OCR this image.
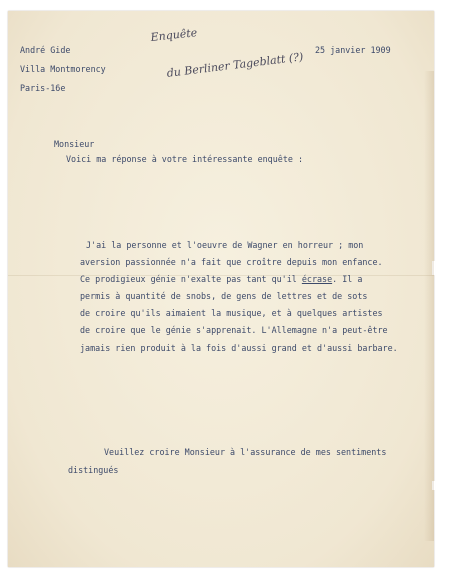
André Gide
Villa Montmorency
Paris-16e
25 janvier 1909
Enquête
du Berliner Tageblatt (?)
Monsieur
Voici ma réponse à votre intéressante enquête :
J'ai la personne et l'oeuvre de Wagner en horreur ; mon
aversion passionnée n'a fait que croître depuis mon enfance.
Ce prodigieux génie n'exalte pas tant qu'il écrase. Il a
permis à quantité de snobs, de gens de lettres et de sots
de croire qu'ils aimaient la musique, et à quelques artistes
de croire que le génie s'apprenait. L'Allemagne n'a peut-être
jamais rien produit à la fois d'aussi grand et d'aussi barbare.
Veuillez croire Monsieur à l'assurance de mes sentiments
distingués
